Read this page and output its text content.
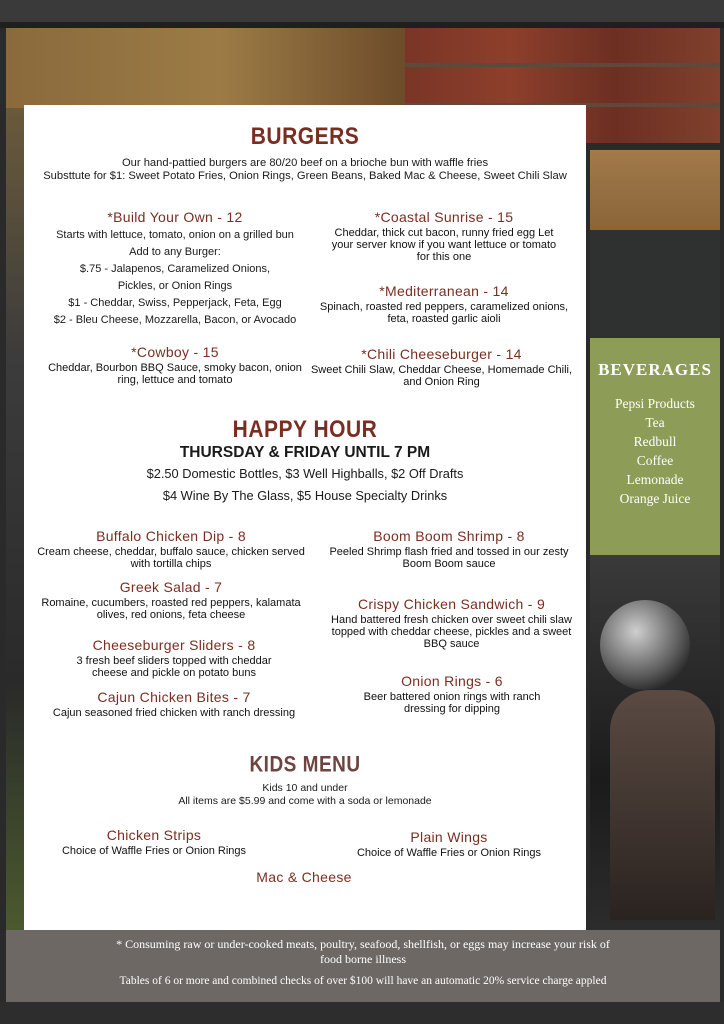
BEVERAGES
Pepsi Products
Tea
Redbull
Coffee
Lemonade
Orange Juice
BURGERS
Our hand-pattied burgers are 80/20 beef on a brioche bun with waffle fries
Substtute for $1: Sweet Potato Fries, Onion Rings, Green Beans, Baked Mac & Cheese, Sweet Chili Slaw
*Build Your Own - 12
Starts with lettuce, tomato, onion on a grilled bun
Add to any Burger:
$.75 - Jalapenos, Caramelized Onions,
Pickles, or Onion Rings
$1 - Cheddar, Swiss, Pepperjack, Feta, Egg
$2 - Bleu Cheese, Mozzarella, Bacon, or Avocado
*Coastal Sunrise - 15
Cheddar, thick cut bacon, runny fried egg Let your server know if you want lettuce or tomato for this one
*Mediterranean - 14
Spinach, roasted red peppers, caramelized onions, feta, roasted garlic aioli
*Cowboy - 15
Cheddar, Bourbon BBQ Sauce, smoky bacon, onion ring, lettuce and tomato
*Chili Cheeseburger - 14
Sweet Chili Slaw, Cheddar Cheese, Homemade Chili, and Onion Ring
HAPPY HOUR
THURSDAY & FRIDAY UNTIL 7 PM
$2.50 Domestic Bottles, $3 Well Highballs, $2 Off Drafts
$4 Wine By The Glass, $5 House Specialty Drinks
Buffalo Chicken Dip - 8
Cream cheese, cheddar, buffalo sauce, chicken served with tortilla chips
Greek Salad - 7
Romaine, cucumbers, roasted red peppers, kalamata olives, red onions, feta cheese
Cheeseburger Sliders - 8
3 fresh beef sliders topped with cheddar cheese and pickle on potato buns
Cajun Chicken Bites - 7
Cajun seasoned fried chicken with ranch dressing
Boom Boom Shrimp - 8
Peeled Shrimp flash fried and tossed in our zesty Boom Boom sauce
Crispy Chicken Sandwich - 9
Hand battered fresh chicken over sweet chili slaw topped with cheddar cheese, pickles and a sweet BBQ sauce
Onion Rings - 6
Beer battered onion rings with ranch dressing for dipping
KIDS MENU
Kids 10 and under
All items are $5.99 and come with a soda or lemonade
Chicken Strips
Choice of Waffle Fries or Onion Rings
Plain Wings
Choice of Waffle Fries or Onion Rings
Mac & Cheese
* Consuming raw or under-cooked meats, poultry, seafood, shellfish, or eggs may increase your risk of food borne illness
Tables of 6 or more and combined checks of over $100 will have an automatic 20% service charge appled
